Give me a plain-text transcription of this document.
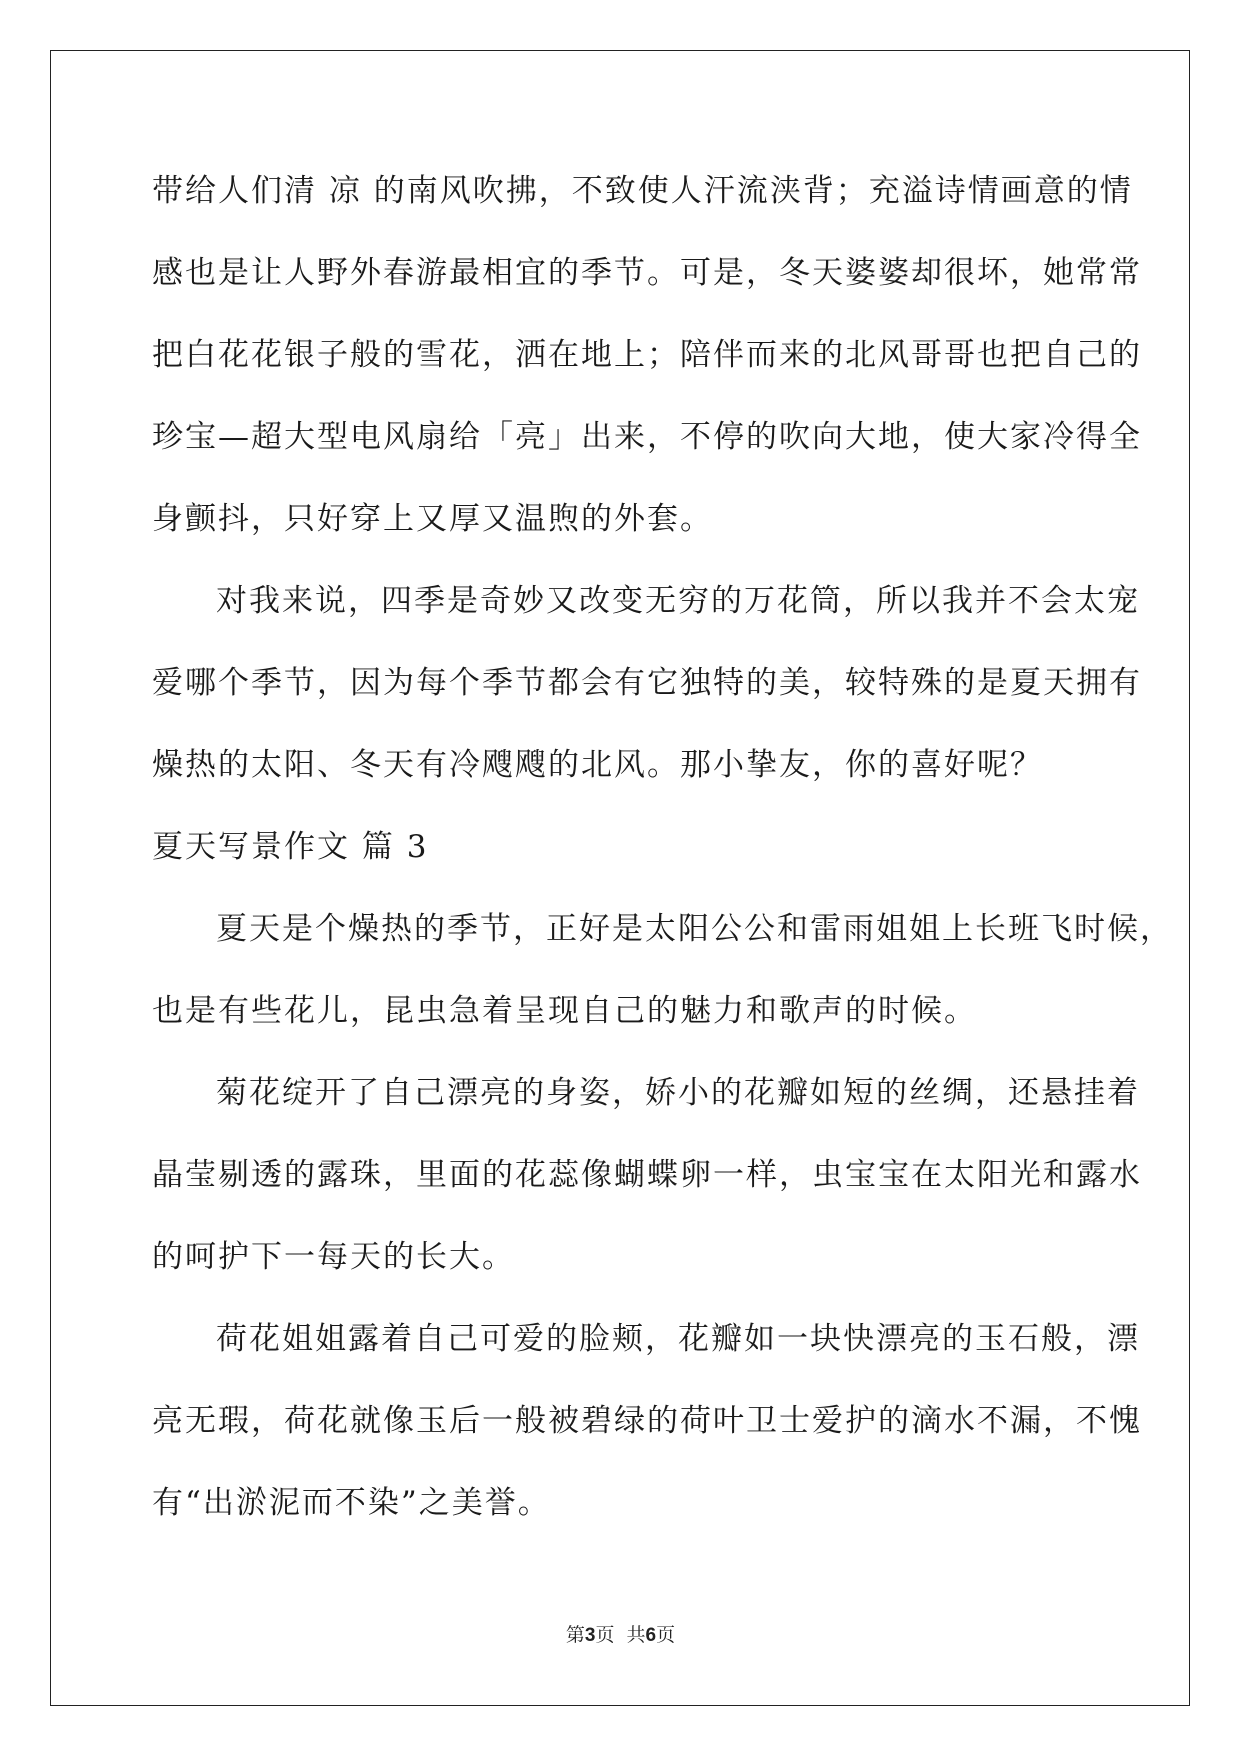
带给人们清 凉 的南风吹拂，不致使人汗流浃背；充溢诗情画意的情
感也是让人野外春游最相宜的季节。可是，冬天婆婆却很坏，她常常
把白花花银子般的雪花，洒在地上；陪伴而来的北风哥哥也把自己的
珍宝—超大型电风扇给「亮」出来，不停的吹向大地，使大家冷得全
身颤抖，只好穿上又厚又温煦的外套。
对我来说，四季是奇妙又改变无穷的万花筒，所以我并不会太宠
爱哪个季节，因为每个季节都会有它独特的美，较特殊的是夏天拥有
燥热的太阳、冬天有冷飕飕的北风。那小挚友，你的喜好呢？
夏天写景作文 篇 3
夏天是个燥热的季节，正好是太阳公公和雷雨姐姐上长班飞时候，
也是有些花儿，昆虫急着呈现自己的魅力和歌声的时候。
菊花绽开了自己漂亮的身姿，娇小的花瓣如短的丝绸，还悬挂着
晶莹剔透的露珠，里面的花蕊像蝴蝶卵一样，虫宝宝在太阳光和露水
的呵护下一每天的长大。
荷花姐姐露着自己可爱的脸颊，花瓣如一块快漂亮的玉石般，漂
亮无瑕，荷花就像玉后一般被碧绿的荷叶卫士爱护的滴水不漏，不愧
有“出淤泥而不染”之美誉。
第3页  共6页
